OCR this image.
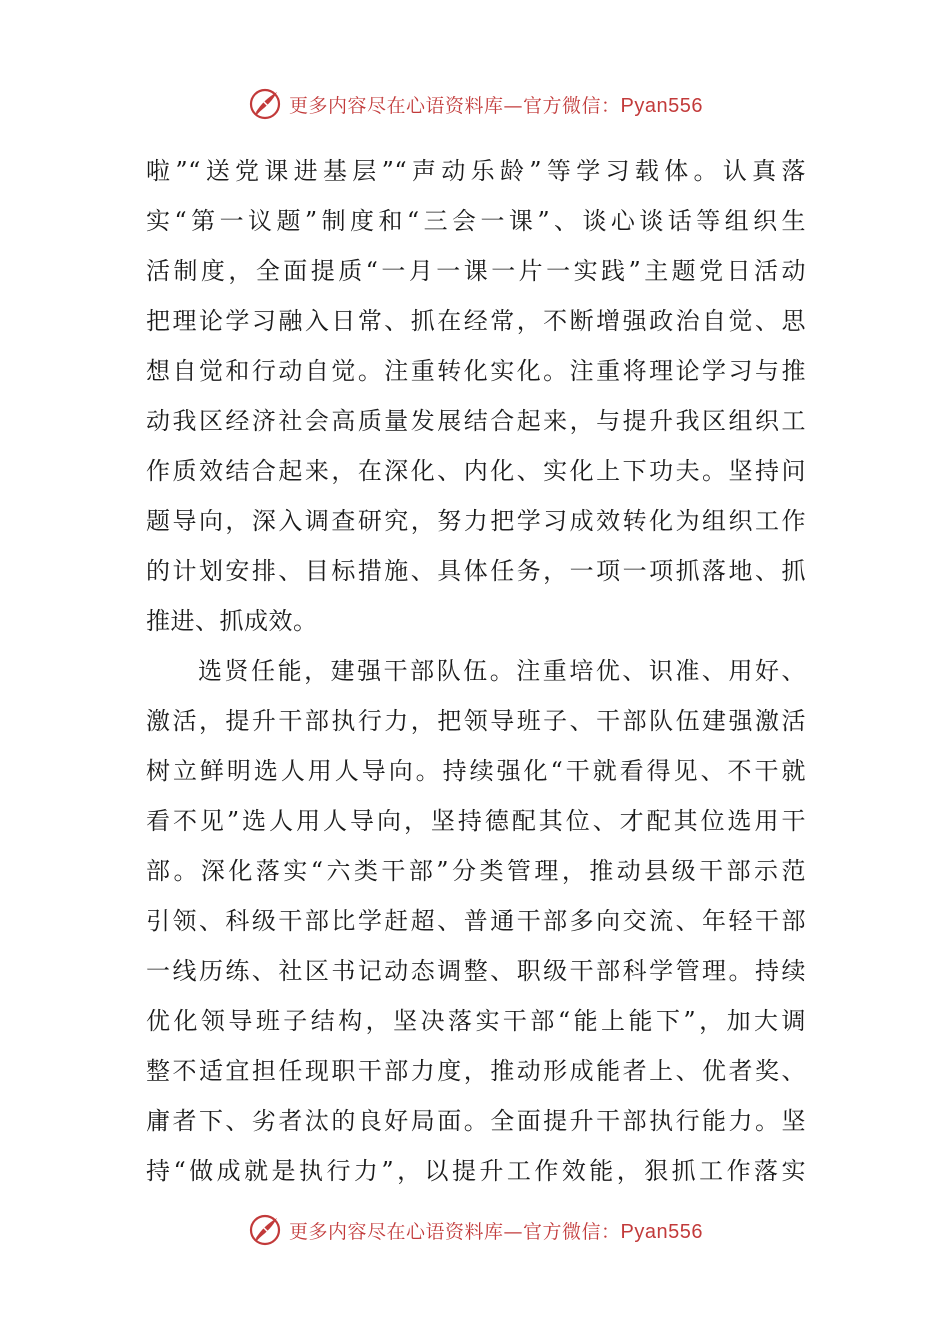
更多内容尽在心语资料库—官方微信：Pyan556
啦”“送党课进基层”“声动乐龄”等学习载体。认真落
实“第一议题”制度和“三会一课”、谈心谈话等组织生
活制度，全面提质“一月一课一片一实践”主题党日活动
把理论学习融入日常、抓在经常，不断增强政治自觉、思
想自觉和行动自觉。注重转化实化。注重将理论学习与推
动我区经济社会高质量发展结合起来，与提升我区组织工
作质效结合起来，在深化、内化、实化上下功夫。坚持问
题导向，深入调查研究，努力把学习成效转化为组织工作
的计划安排、目标措施、具体任务，一项一项抓落地、抓
推进、抓成效。
选贤任能，建强干部队伍。注重培优、识准、用好、
激活，提升干部执行力，把领导班子、干部队伍建强激活
树立鲜明选人用人导向。持续强化“干就看得见、不干就
看不见”选人用人导向，坚持德配其位、才配其位选用干
部。深化落实“六类干部”分类管理，推动县级干部示范
引领、科级干部比学赶超、普通干部多向交流、年轻干部
一线历练、社区书记动态调整、职级干部科学管理。持续
优化领导班子结构，坚决落实干部“能上能下”，加大调
整不适宜担任现职干部力度，推动形成能者上、优者奖、
庸者下、劣者汰的良好局面。全面提升干部执行能力。坚
持“做成就是执行力”，以提升工作效能，狠抓工作落实
更多内容尽在心语资料库—官方微信：Pyan556
